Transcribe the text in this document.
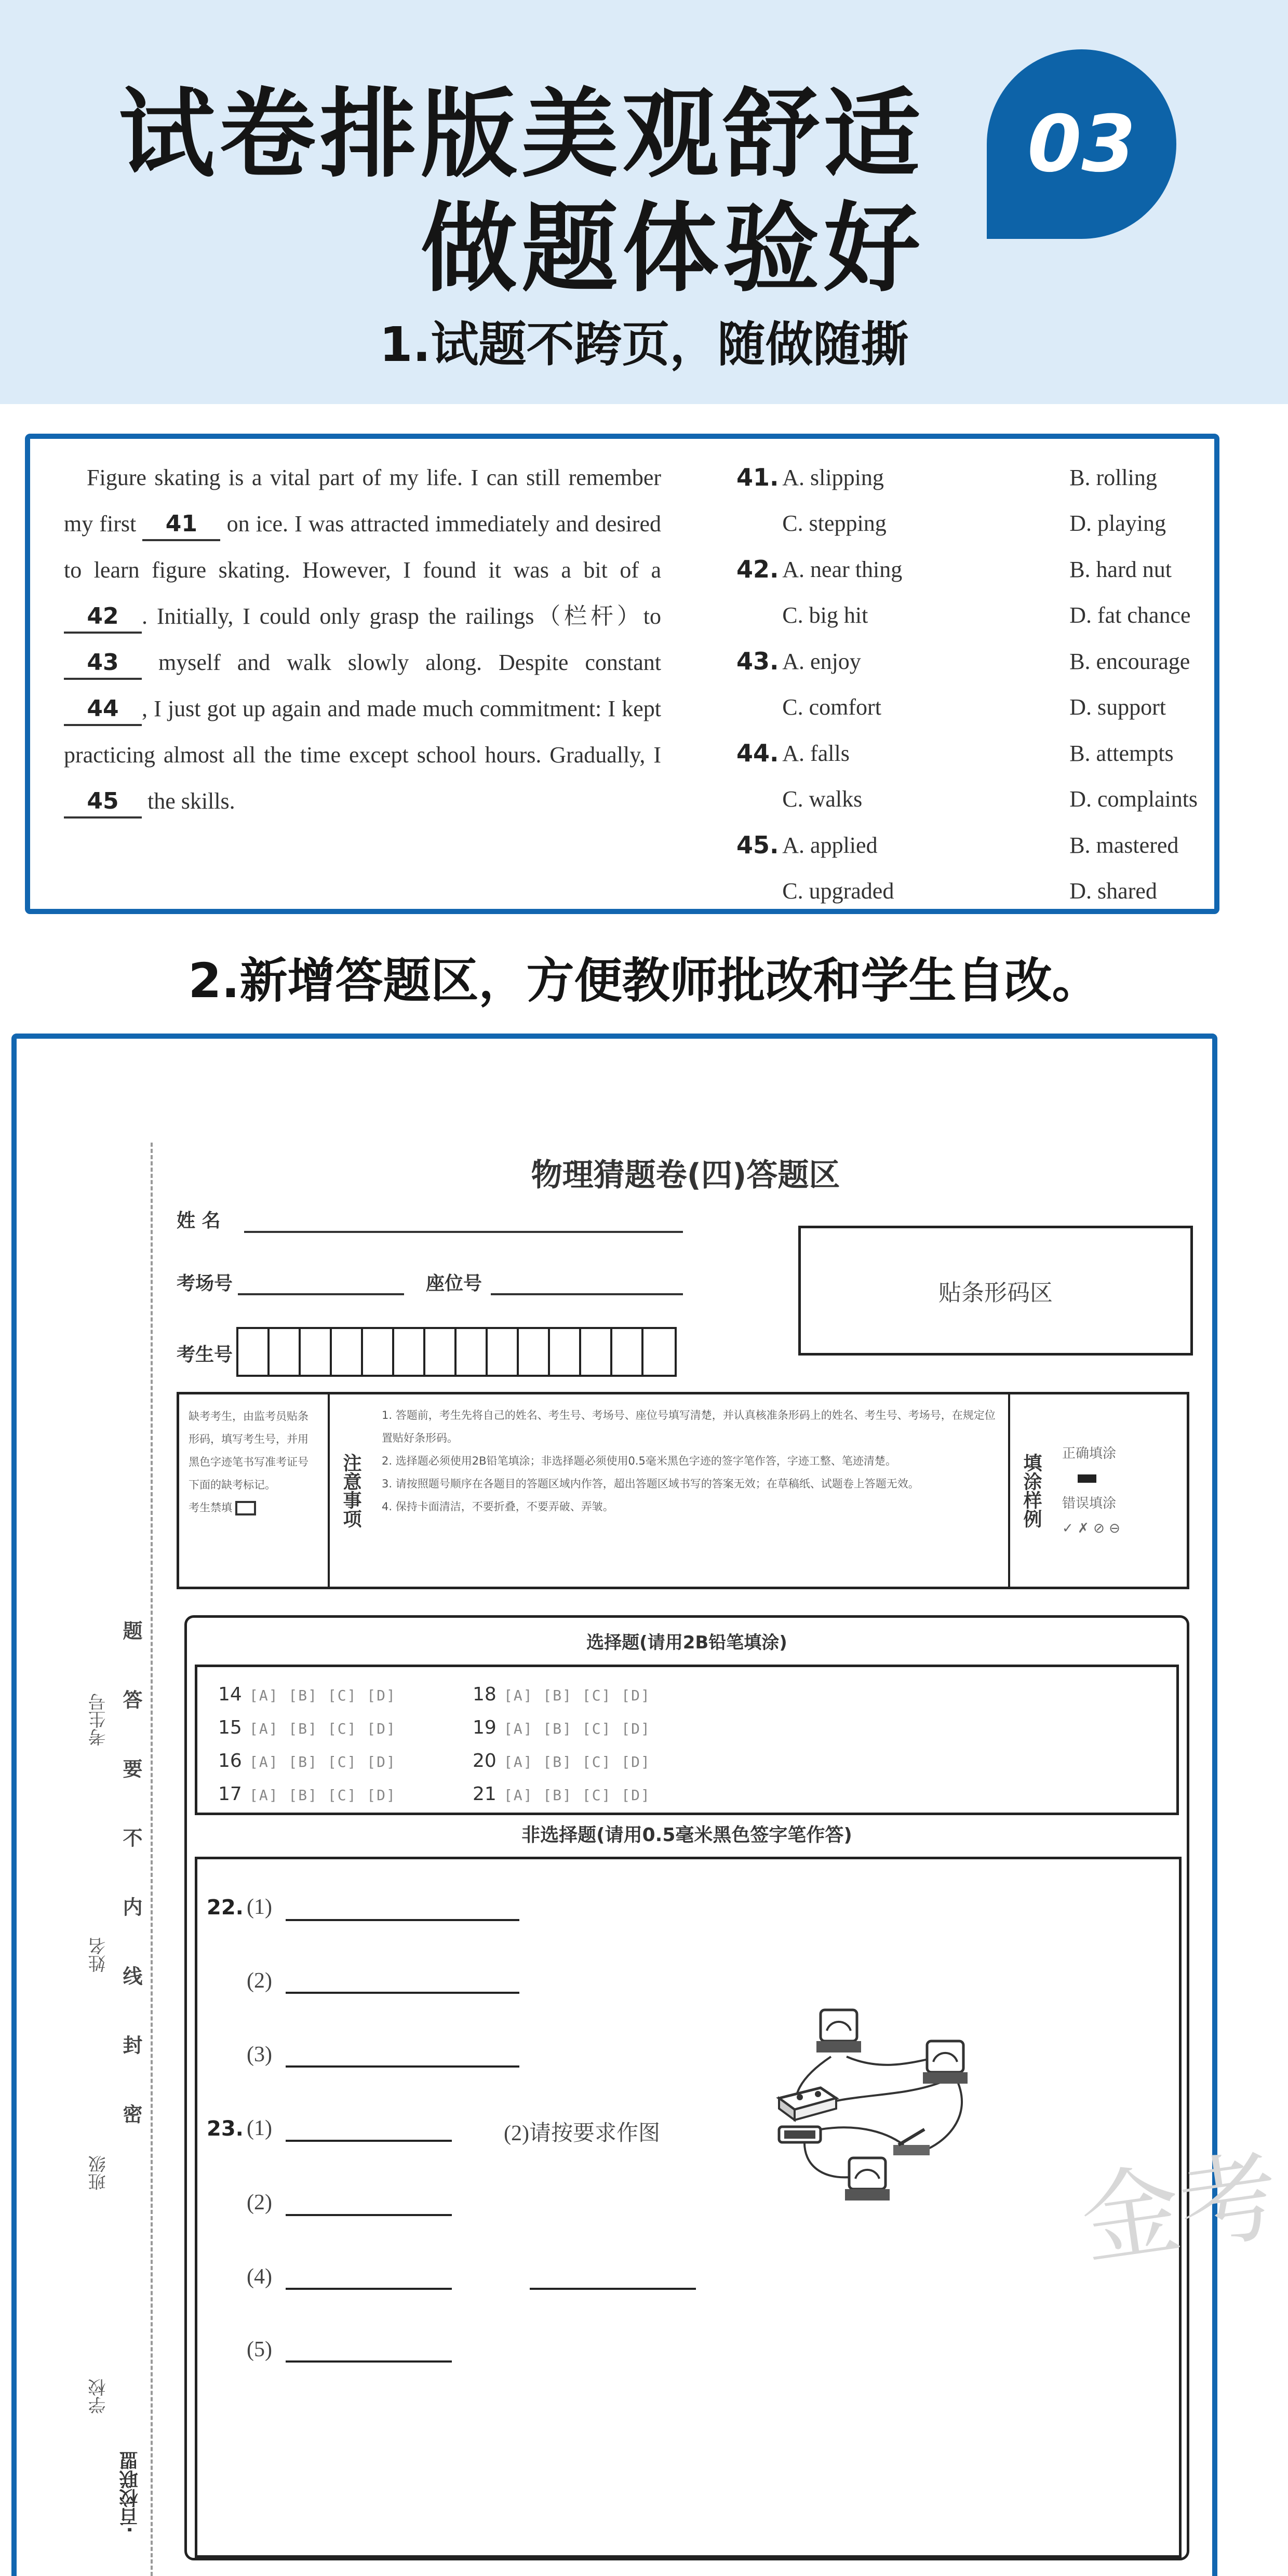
试卷排版美观舒适
做题体验好
03
1.试题不跨页，随做随撕
 Figure skating is a vital part of my life. I can still remember my first 41 on ice. I was attracted immediately and desired to learn figure skating. However, I found it was a bit of a 42 . Initially, I could only grasp the railings（栏杆）to 43 myself and walk slowly along. Despite constant 44 , I just got up again and made much commitment: I kept practicing almost all the time except school hours. Gradually, I 45 the skills.
41. A. slipping	B. rolling
C. stepping	D. playing
42. A. near thing	B. hard nut
C. big hit	D. fat chance
43. A. enjoy	B. encourage
C. comfort	D. support
44. A. falls	B. attempts
C. walks	D. complaints
45. A. applied	B. mastered
C. upgraded	D. shared
2.新增答题区，方便教师批改和学生自改。
物理猜题卷(四)答题区
考生号
姓名
班级
学校
题答要不内线封密
·百校联盟
姓 名
考场号	座位号
考生号
贴条形码区
缺考考生，由监考员贴条形码，填写考生号，并用黑色字迹笔书写准考证号下面的缺考标记。
考生禁填	注意事项
1. 答题前，考生先将自己的姓名、考生号、考场号、座位号填写清楚，并认真核准条形码上的姓名、考生号、考场号，在规定位置贴好条形码。
2. 选择题必须使用2B铅笔填涂；非选择题必须使用0.5毫米黑色字迹的签字笔作答，字迹工整、笔迹清楚。
3. 请按照题号顺序在各题目的答题区域内作答，超出答题区域书写的答案无效；在草稿纸、试题卷上答题无效。
4. 保持卡面清洁，不要折叠，不要弄破、弄皱。	填涂样例	正确填涂
错误填涂
✓ ✗ ⊘ ⊖
选择题(请用2B铅笔填涂)
14 [A] [B] [C] [D]
15 [A] [B] [C] [D]
16 [A] [B] [C] [D]
17 [A] [B] [C] [D]
18 [A] [B] [C] [D]
19 [A] [B] [C] [D]
20 [A] [B] [C] [D]
21 [A] [B] [C] [D]
非选择题(请用0.5毫米黑色签字笔作答)
22. (1)
(2)
(3)
23. (1)	(2)请按要求作图
(2)
(4)
(5)
金考
